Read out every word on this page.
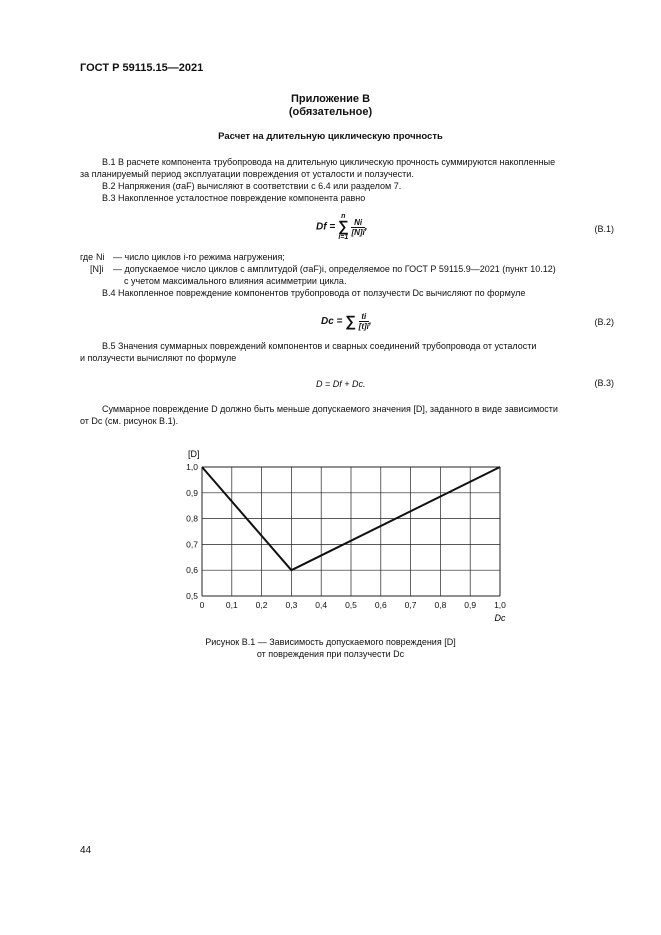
ГОСТ Р 59115.15—2021
Приложение В
(обязательное)
Расчет на длительную циклическую прочность
В.1 В расчете компонента трубопровода на длительную циклическую прочность суммируются накопленные
за планируемый период эксплуатации повреждения от усталости и ползучести.
В.2 Напряжения (σaF) вычисляют в соответствии с 6.4 или разделом 7.
В.3 Накопленное усталостное повреждение компонента равно
Df =
n
∑
i=1

$\frac{Ni}{[N]i}$ ,	(В.1)
где Ni — число циклов i-го режима нагружения;
[N]i — допускаемое число циклов с амплитудой (σaF)i, определяемое по ГОСТ Р 59115.9—2021 (пункт 10.12)
с учетом максимального влияния асимметрии цикла.
В.4 Накопленное повреждение компонентов трубопровода от ползучести Dc вычисляют по формуле
Dc = ∑ $\frac{ti}{[t]i}$ ,	(В.2)
В.5 Значения суммарных повреждений компонентов и сварных соединений трубопровода от усталости
и ползучести вычисляют по формуле
D = Df + Dc.	(В.3)
Суммарное повреждение D должно быть меньше допускаемого значения [D], заданного в виде зависимости
от Dc (см. рисунок В.1).
0	0,1 0,2 0,3 0,4 0,5 0,6 0,7 0,8 0,9 1,0
0,5
0,6
0,7
0,8
0,9
1,0
[D]
Dc
Рисунок В.1 — Зависимость допускаемого повреждения [D]
от повреждения при ползучести Dc
44
